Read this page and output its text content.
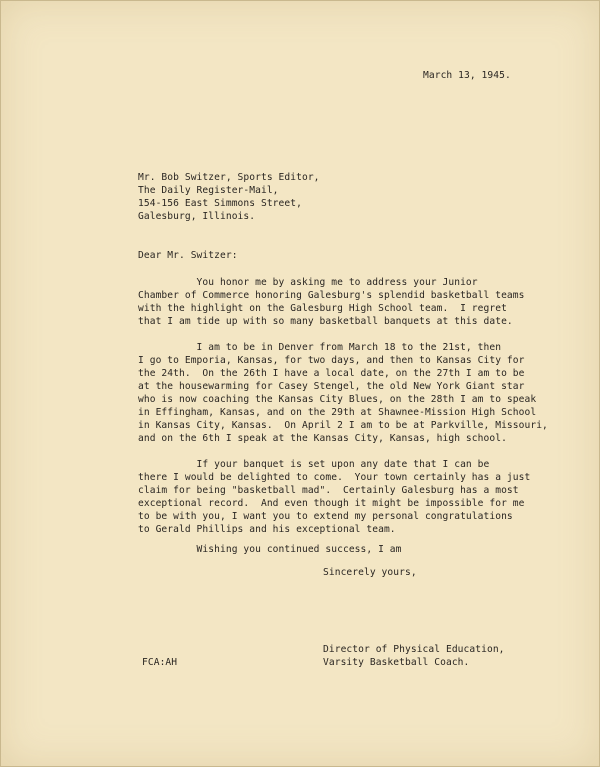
March 13, 1945.
Mr. Bob Switzer, Sports Editor,
The Daily Register-Mail,
154-156 East Simmons Street,
Galesburg, Illinois.
Dear Mr. Switzer:
You honor me by asking me to address your Junior
Chamber of Commerce honoring Galesburg's splendid basketball teams
with the highlight on the Galesburg High School team.  I regret
that I am tide up with so many basketball banquets at this date.
I am to be in Denver from March 18 to the 21st, then
I go to Emporia, Kansas, for two days, and then to Kansas City for
the 24th.  On the 26th I have a local date, on the 27th I am to be
at the housewarming for Casey Stengel, the old New York Giant star
who is now coaching the Kansas City Blues, on the 28th I am to speak
in Effingham, Kansas, and on the 29th at Shawnee-Mission High School
in Kansas City, Kansas.  On April 2 I am to be at Parkville, Missouri,
and on the 6th I speak at the Kansas City, Kansas, high school.
If your banquet is set upon any date that I can be
there I would be delighted to come.  Your town certainly has a just
claim for being "basketball mad".  Certainly Galesburg has a most
exceptional record.  And even though it might be impossible for me
to be with you, I want you to extend my personal congratulations
to Gerald Phillips and his exceptional team.
Wishing you continued success, I am
Sincerely yours,
Director of Physical Education,
Varsity Basketball Coach.
FCA:AH
